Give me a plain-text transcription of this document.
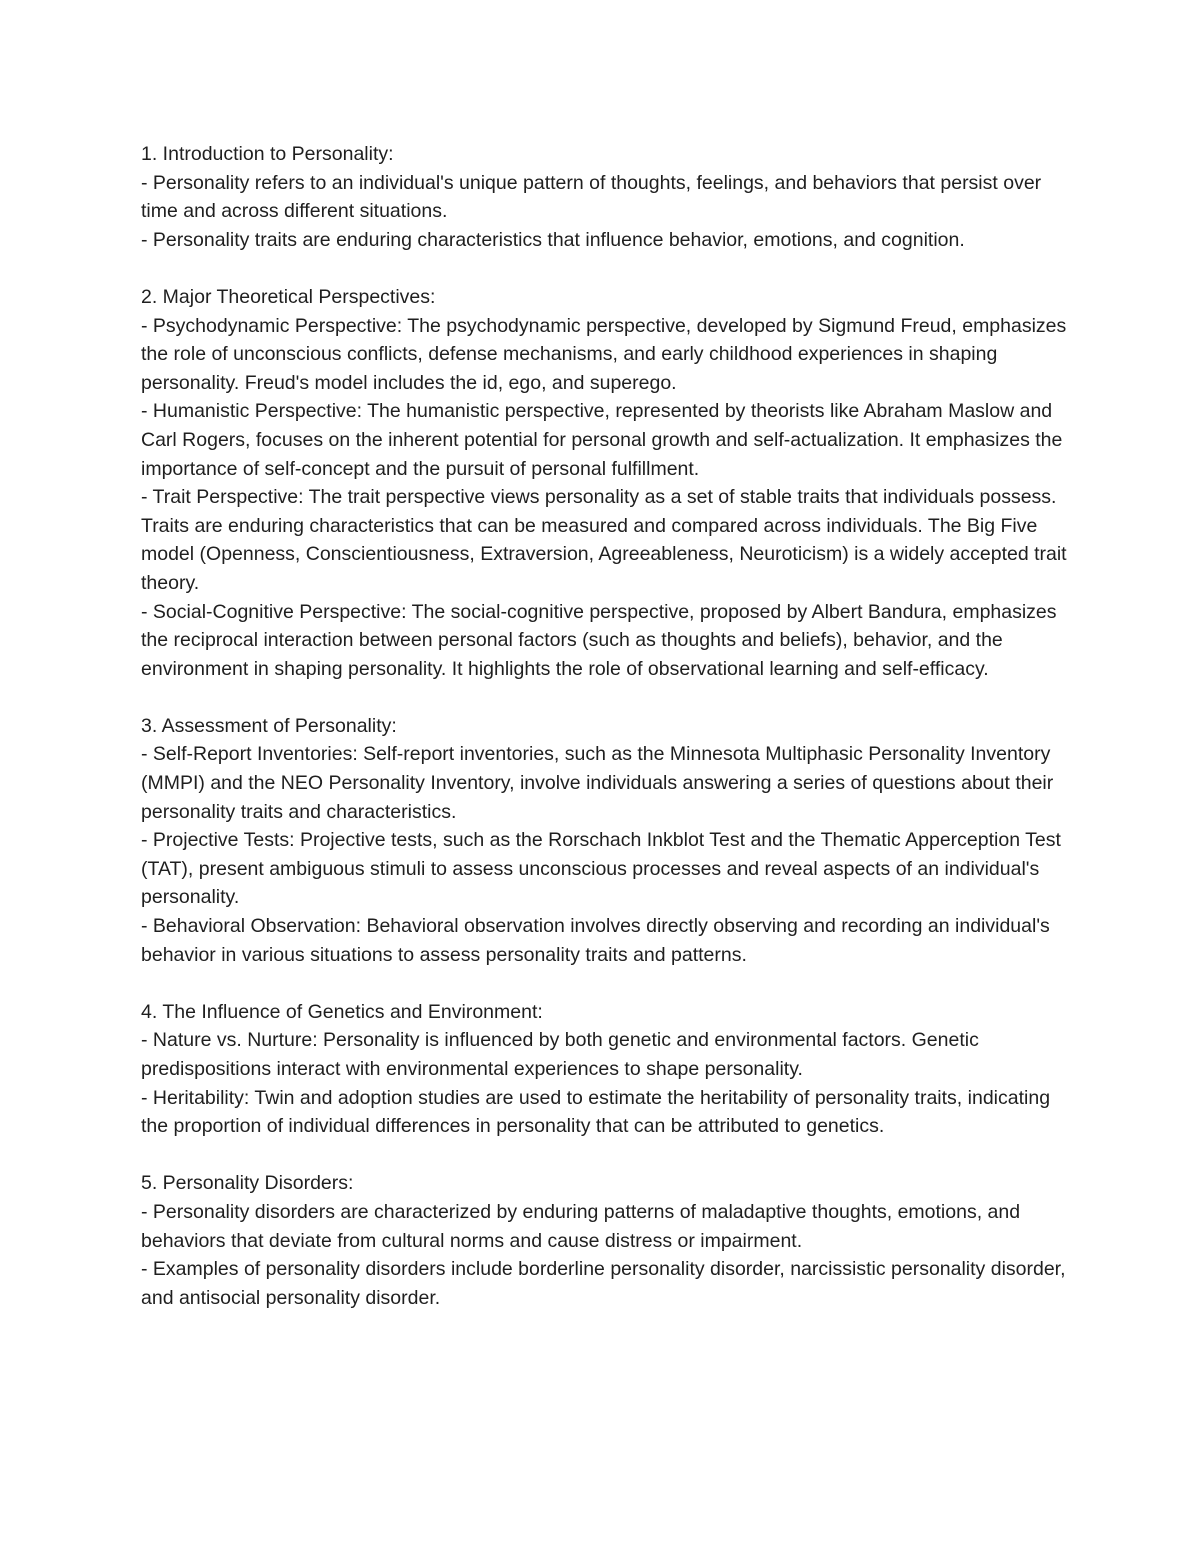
1. Introduction to Personality:

- Personality refers to an individual's unique pattern of thoughts, feelings, and behaviors that persist over time and across different situations.

- Personality traits are enduring characteristics that influence behavior, emotions, and cognition.

2. Major Theoretical Perspectives:

- Psychodynamic Perspective: The psychodynamic perspective, developed by Sigmund Freud, emphasizes the role of unconscious conflicts, defense mechanisms, and early childhood experiences in shaping personality. Freud's model includes the id, ego, and superego.

- Humanistic Perspective: The humanistic perspective, represented by theorists like Abraham Maslow and Carl Rogers, focuses on the inherent potential for personal growth and self-actualization. It emphasizes the importance of self-concept and the pursuit of personal fulfillment.

- Trait Perspective: The trait perspective views personality as a set of stable traits that individuals possess. Traits are enduring characteristics that can be measured and compared across individuals. The Big Five model (Openness, Conscientiousness, Extraversion, Agreeableness, Neuroticism) is a widely accepted trait theory.

- Social-Cognitive Perspective: The social-cognitive perspective, proposed by Albert Bandura, emphasizes the reciprocal interaction between personal factors (such as thoughts and beliefs), behavior, and the environment in shaping personality. It highlights the role of observational learning and self-efficacy.

3. Assessment of Personality:

- Self-Report Inventories: Self-report inventories, such as the Minnesota Multiphasic Personality Inventory (MMPI) and the NEO Personality Inventory, involve individuals answering a series of questions about their personality traits and characteristics.

- Projective Tests: Projective tests, such as the Rorschach Inkblot Test and the Thematic Apperception Test (TAT), present ambiguous stimuli to assess unconscious processes and reveal aspects of an individual's personality.

- Behavioral Observation: Behavioral observation involves directly observing and recording an individual's behavior in various situations to assess personality traits and patterns.

4. The Influence of Genetics and Environment:

- Nature vs. Nurture: Personality is influenced by both genetic and environmental factors. Genetic predispositions interact with environmental experiences to shape personality.

- Heritability: Twin and adoption studies are used to estimate the heritability of personality traits, indicating the proportion of individual differences in personality that can be attributed to genetics.

5. Personality Disorders:

- Personality disorders are characterized by enduring patterns of maladaptive thoughts, emotions, and behaviors that deviate from cultural norms and cause distress or impairment.

- Examples of personality disorders include borderline personality disorder, narcissistic personality disorder, and antisocial personality disorder.
